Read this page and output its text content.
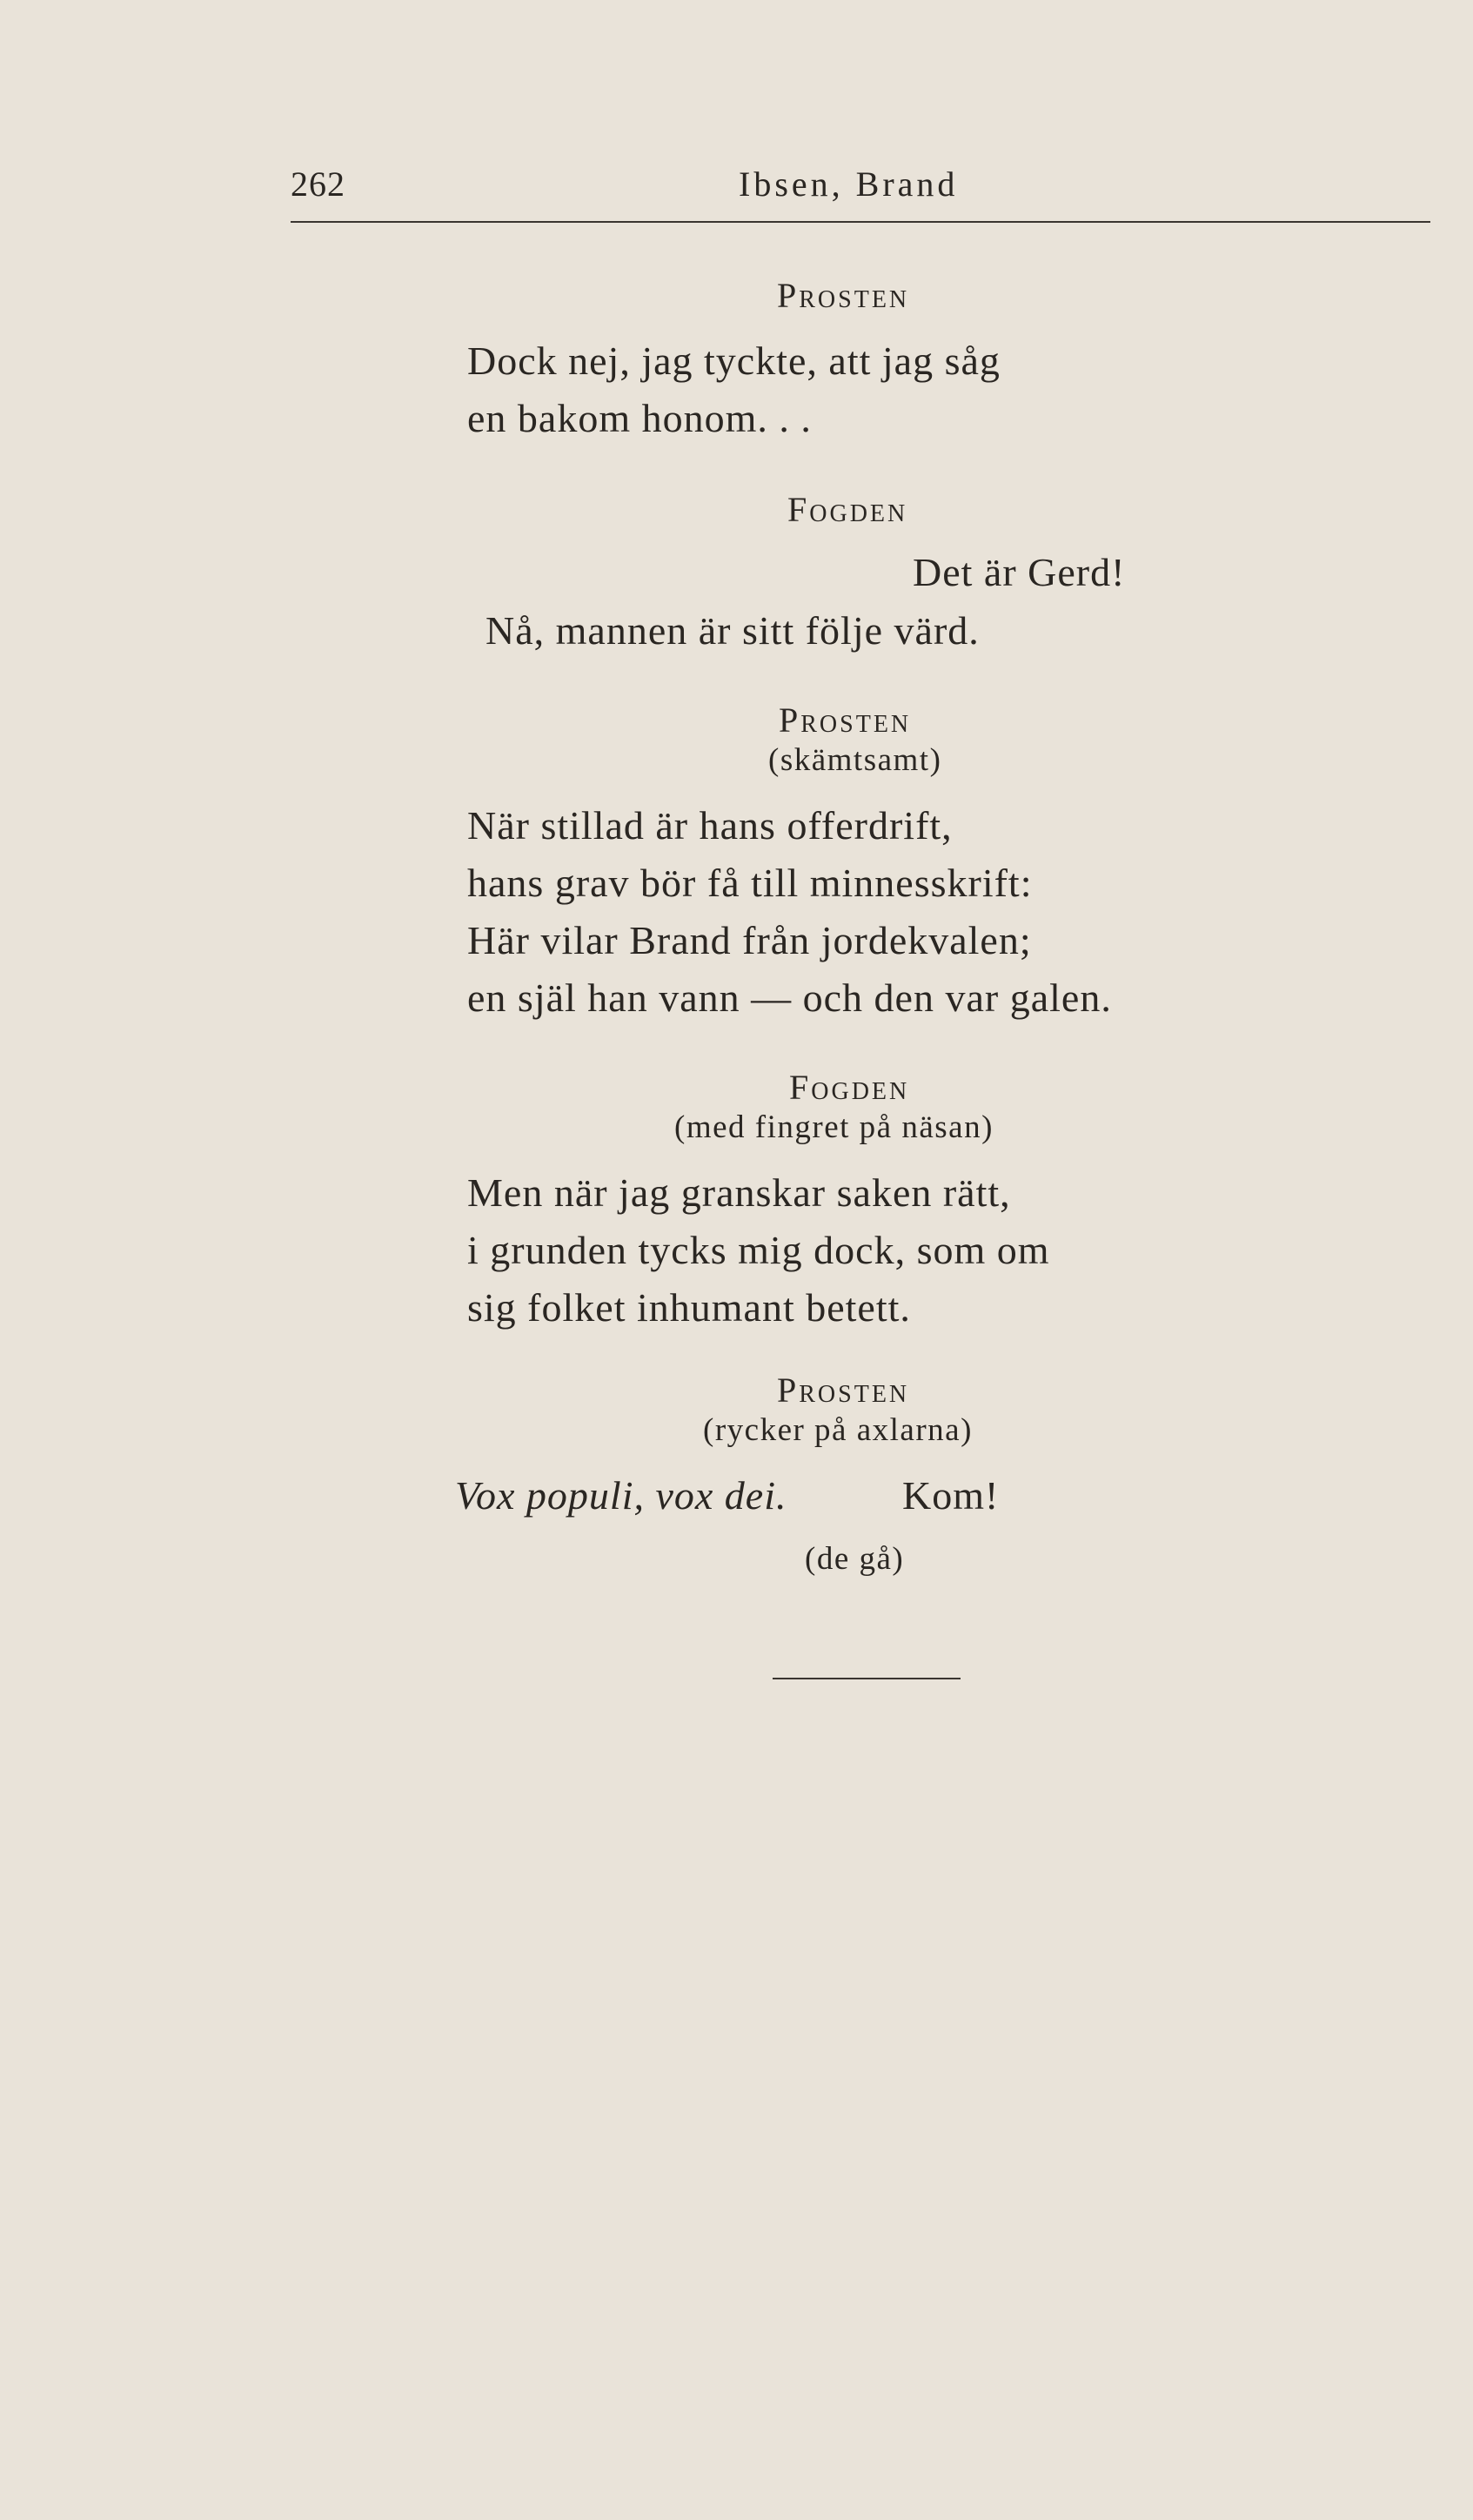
262	Ibsen, Brand
Prosten
Dock nej, jag tyckte, att jag såg
en bakom honom. . .
Fogden
Det är Gerd!
Nå, mannen är sitt följe värd.
Prosten
(skämtsamt)
När stillad är hans offerdrift,
hans grav bör få till minnesskrift:
Här vilar Brand från jordekvalen;
en själ han vann — och den var galen.
Fogden
(med fingret på näsan)
Men när jag granskar saken rätt,
i grunden tycks mig dock, som om
sig folket inhumant betett.
Prosten
(rycker på axlarna)
Vox populi, vox dei.	Kom!
(de gå)
